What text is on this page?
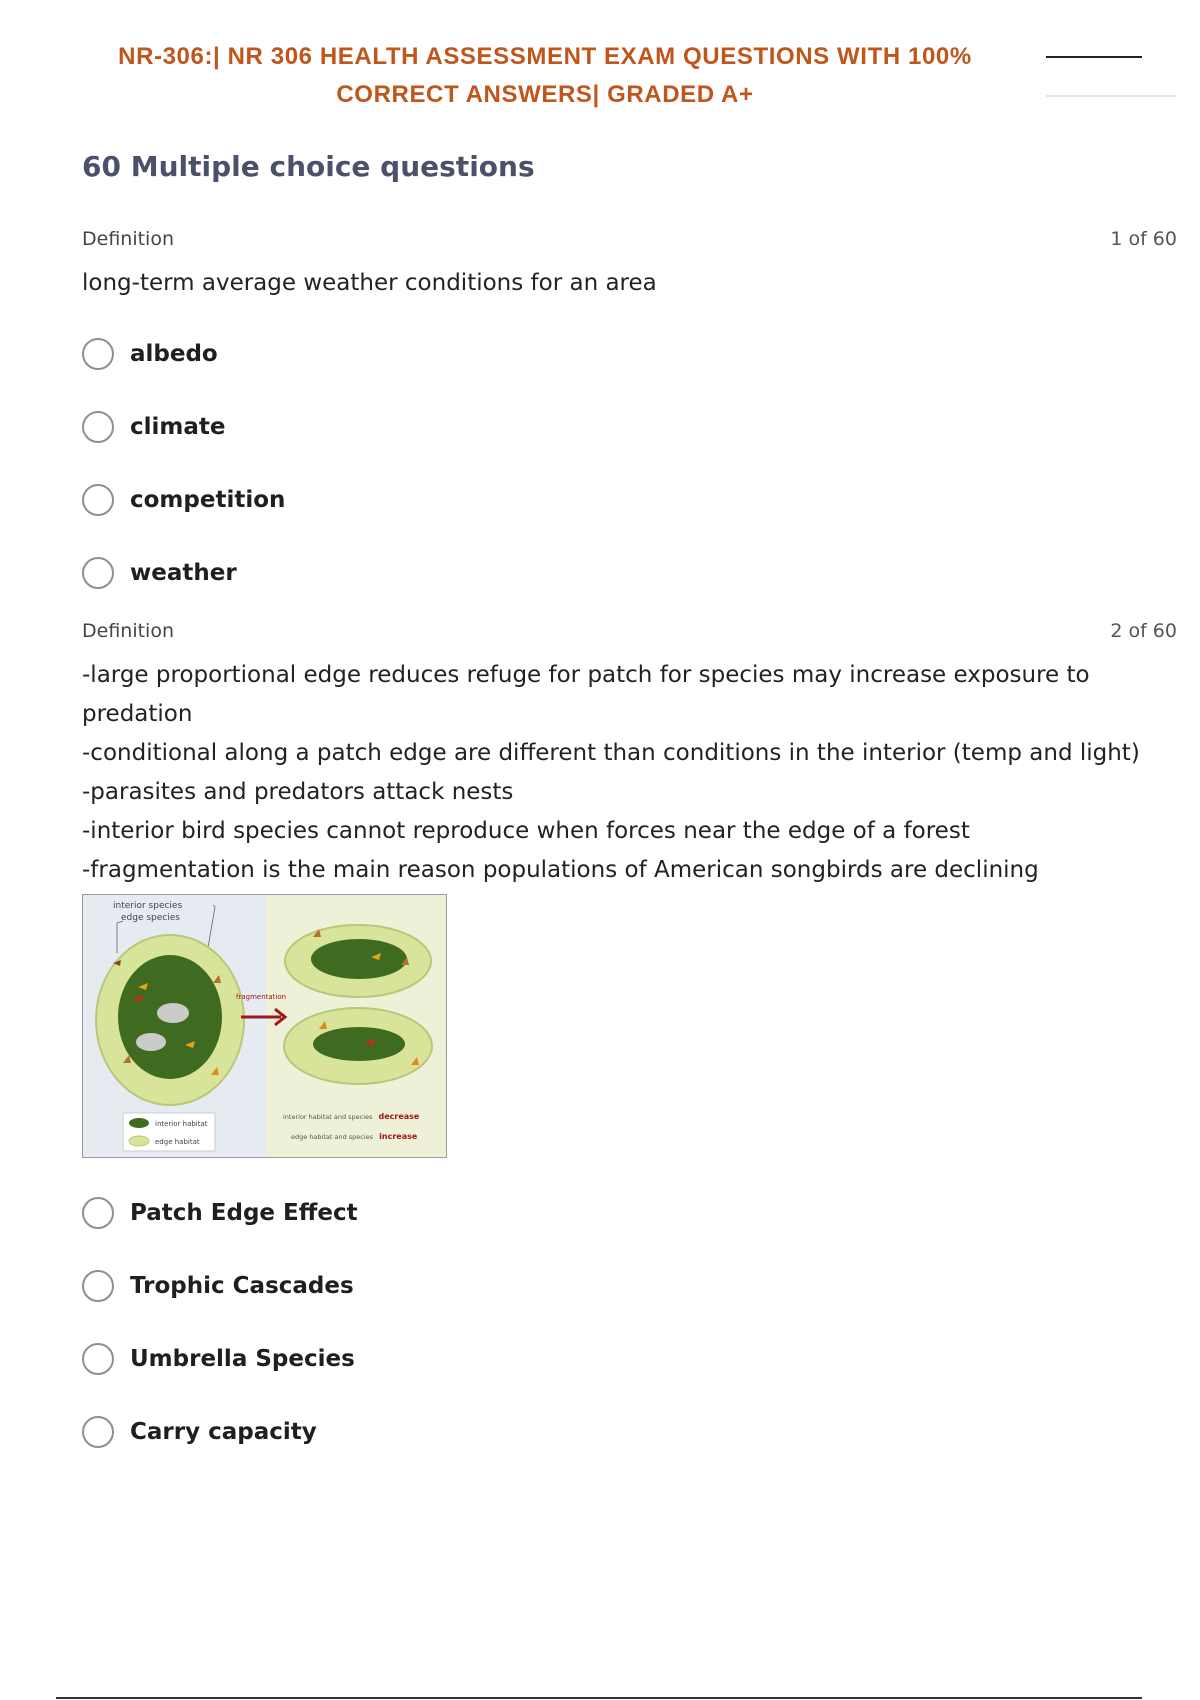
NR-306:| NR 306 HEALTH ASSESSMENT EXAM QUESTIONS WITH 100%

CORRECT ANSWERS| GRADED A+

60 Multiple choice questions
Definition	1 of 60

long-term average weather conditions for an area

albedo
climate
competition
weather
Definition	2 of 60

-large proportional edge reduces refuge for patch for species may increase exposure to predation

-conditional along a patch edge are different than conditions in the interior (temp and light)

-parasites and predators attack nests

-interior bird species cannot reproduce when forces near the edge of a forest

-fragmentation is the main reason populations of American songbirds are declining

interior species
edge species
fragmentation
interior habitat
edge habitat
interior habitat and species decrease
edge habitat and species increase
Patch Edge Effect
Trophic Cascades
Umbrella Species
Carry capacity
